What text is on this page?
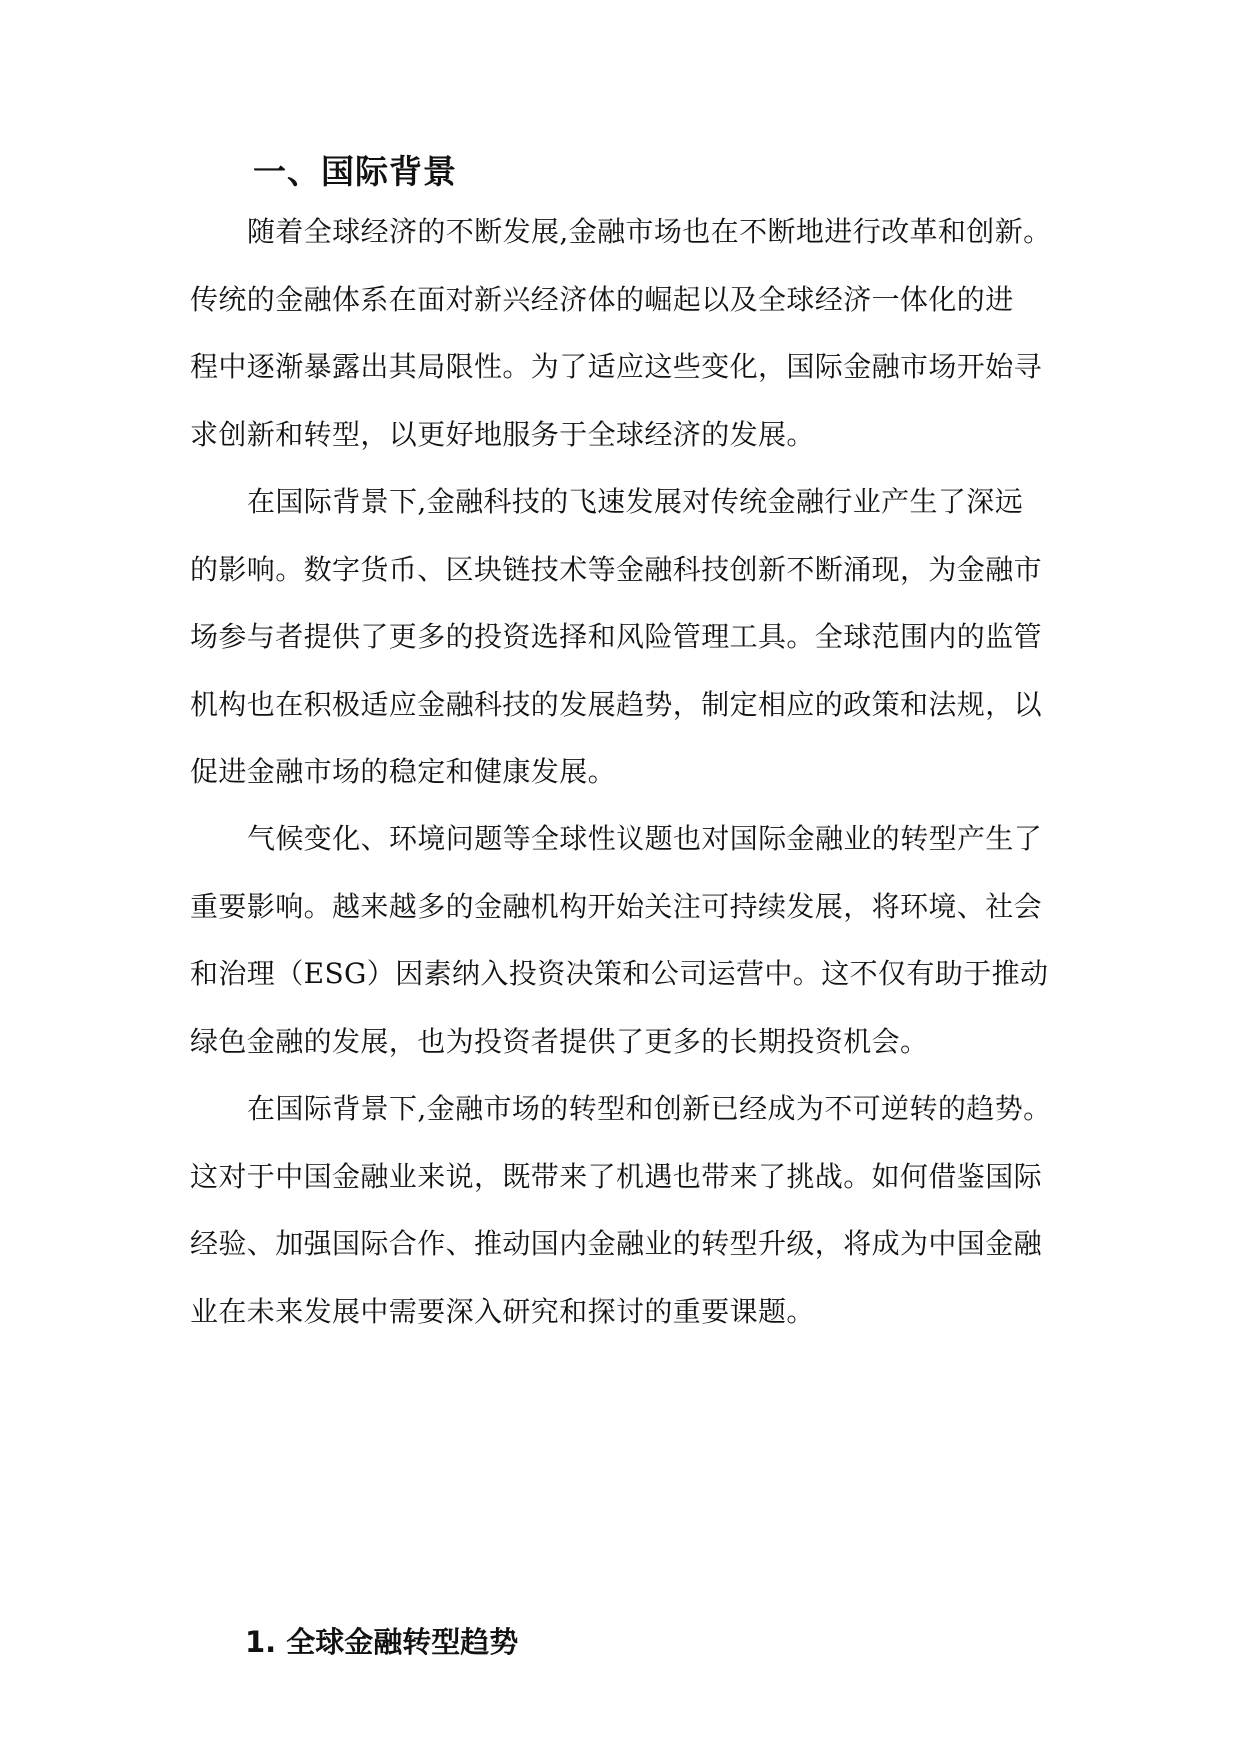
一、国际背景

随着全球经济的不断发展,金融市场也在不断地进行改革和创新。
传统的金融体系在面对新兴经济体的崛起以及全球经济一体化的进
程中逐渐暴露出其局限性。为了适应这些变化，国际金融市场开始寻
求创新和转型，以更好地服务于全球经济的发展。

在国际背景下,金融科技的飞速发展对传统金融行业产生了深远
的影响。数字货币、区块链技术等金融科技创新不断涌现，为金融市
场参与者提供了更多的投资选择和风险管理工具。全球范围内的监管
机构也在积极适应金融科技的发展趋势，制定相应的政策和法规，以
促进金融市场的稳定和健康发展。

气候变化、环境问题等全球性议题也对国际金融业的转型产生了
重要影响。越来越多的金融机构开始关注可持续发展，将环境、社会
和治理（ESG）因素纳入投资决策和公司运营中。这不仅有助于推动
绿色金融的发展，也为投资者提供了更多的长期投资机会。

在国际背景下,金融市场的转型和创新已经成为不可逆转的趋势。
这对于中国金融业来说，既带来了机遇也带来了挑战。如何借鉴国际
经验、加强国际合作、推动国内金融业的转型升级，将成为中国金融
业在未来发展中需要深入研究和探讨的重要课题。

1. 全球金融转型趋势
